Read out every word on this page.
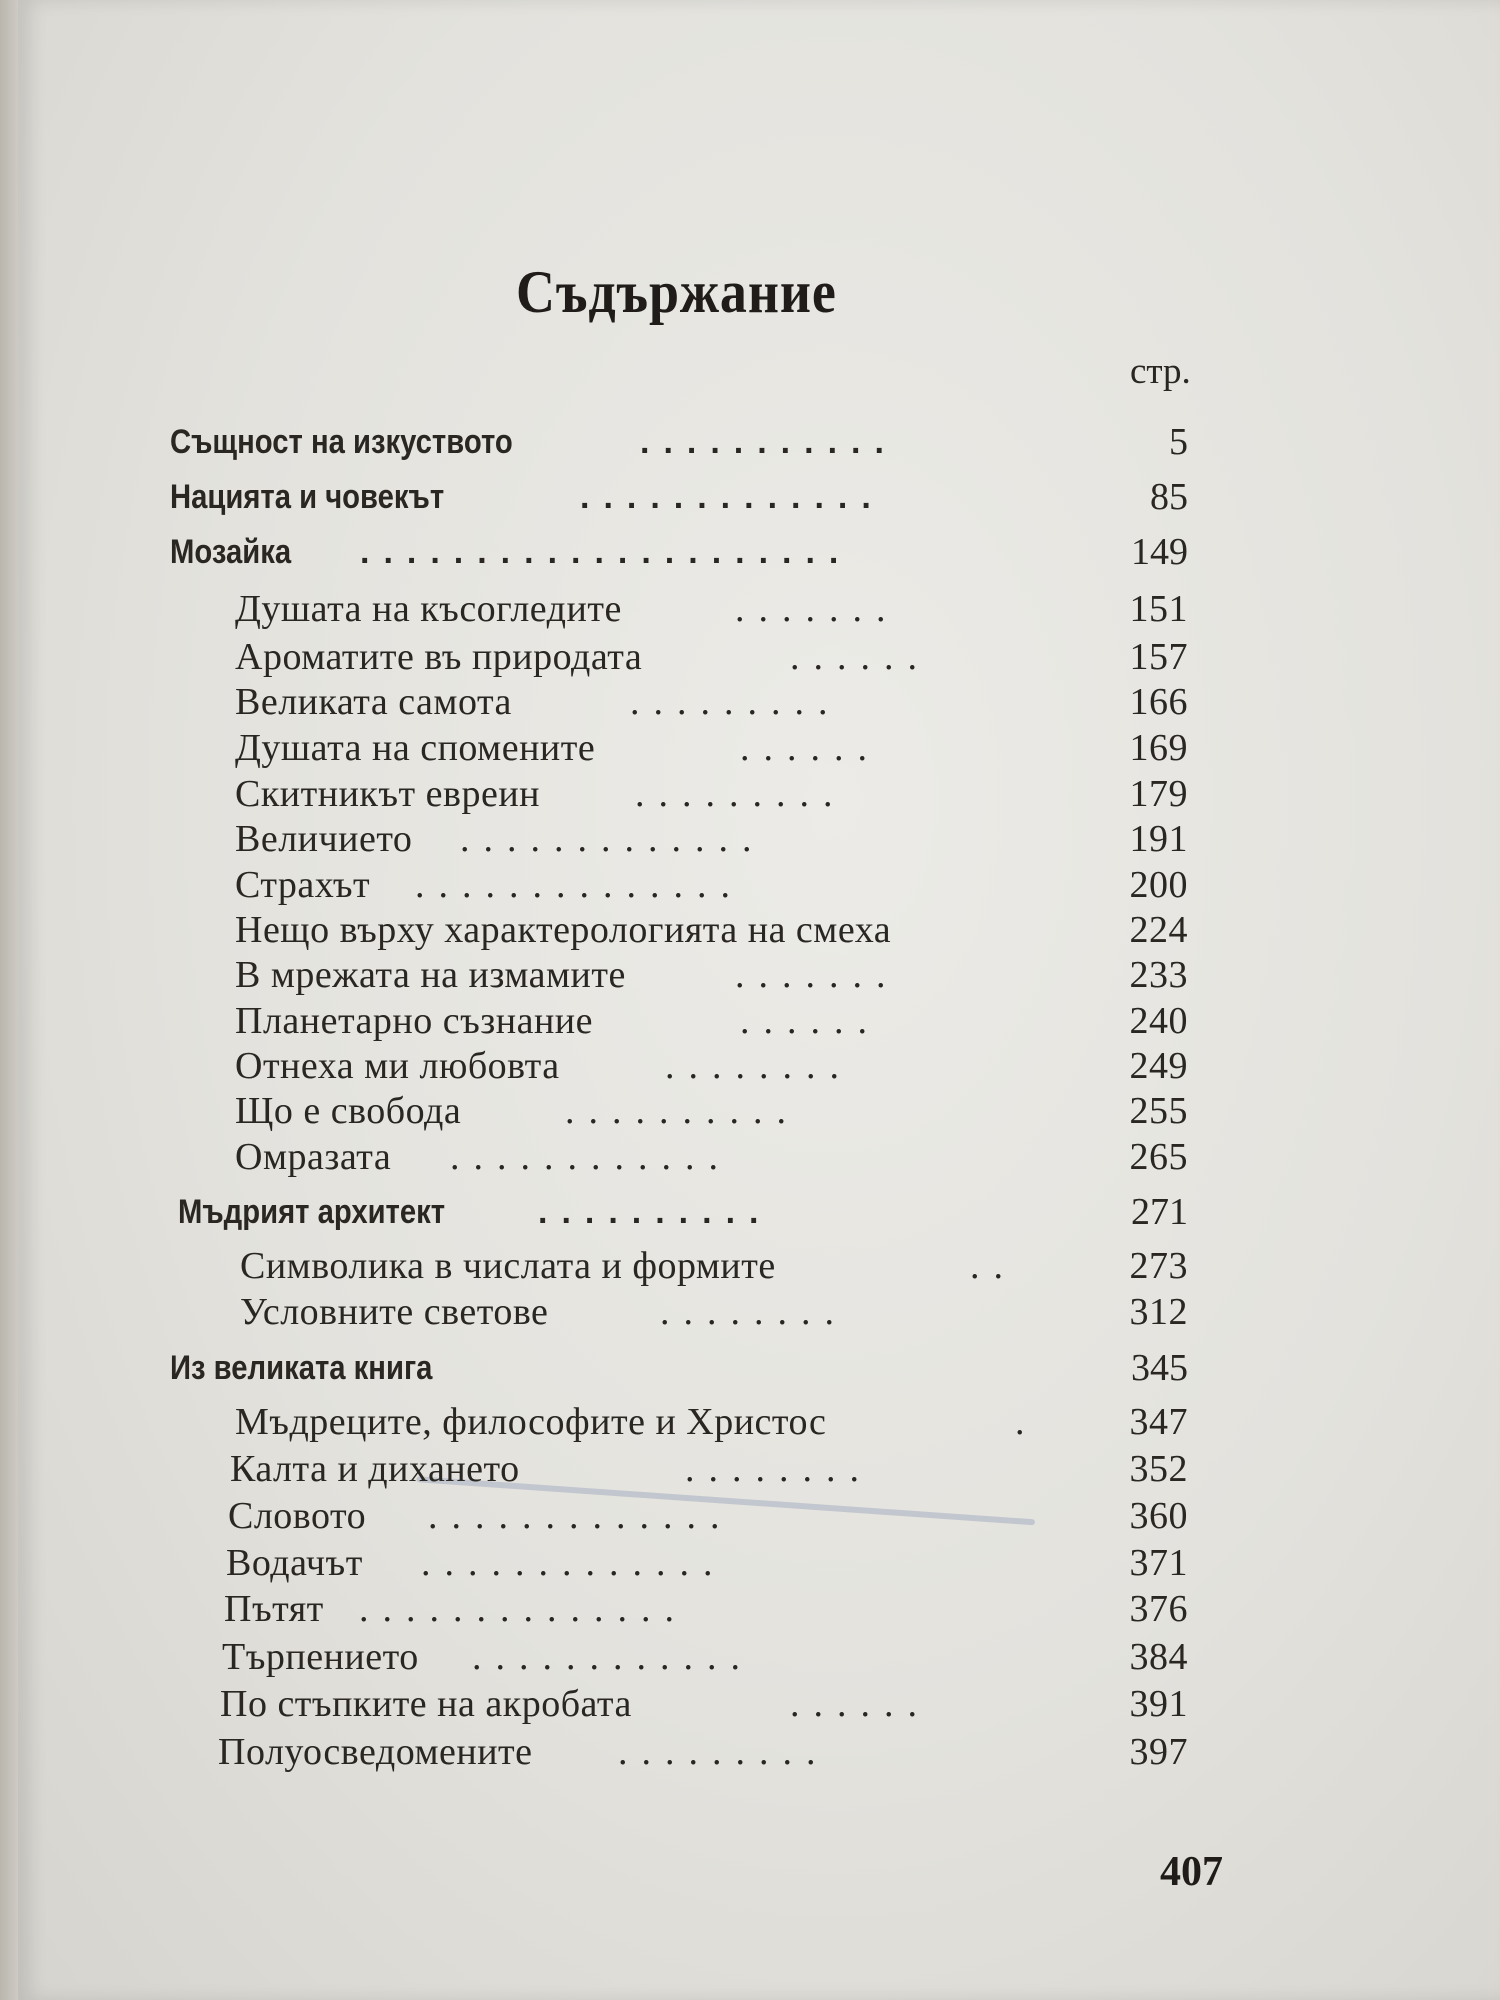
Съдържание
стр.
Същност на изкуството	...........	5
Нацията и човекът	.............	85
Мозайка .....................	149
Душата на късогледите	.......	151
Ароматите въ природата	......	157
Великата самота	.........	166
Душата на спомените	......	169
Скитникът евреин	.........	179
Величието .............	191
Страхът ..............	200
Нещо върху характерологията на смеха	224
В мрежата на измамите	.......	233
Планетарно съзнание	......	240
Отнеха ми любовта	........	249
Що е свобода	..........	255
Омразата ............	265
Мъдрият архитект	..........	271
Символика в числата и формите	..	273
Условните светове	........	312
Из великата книга	345
Мъдреците, философите и Христос	.	347
Калта и дихането	........	352
Словото .............	360
Водачът .............	371
Пътят ..............	376
Търпението ............	384
По стъпките на акробата	......	391
Полуосведомените .........	397
407
